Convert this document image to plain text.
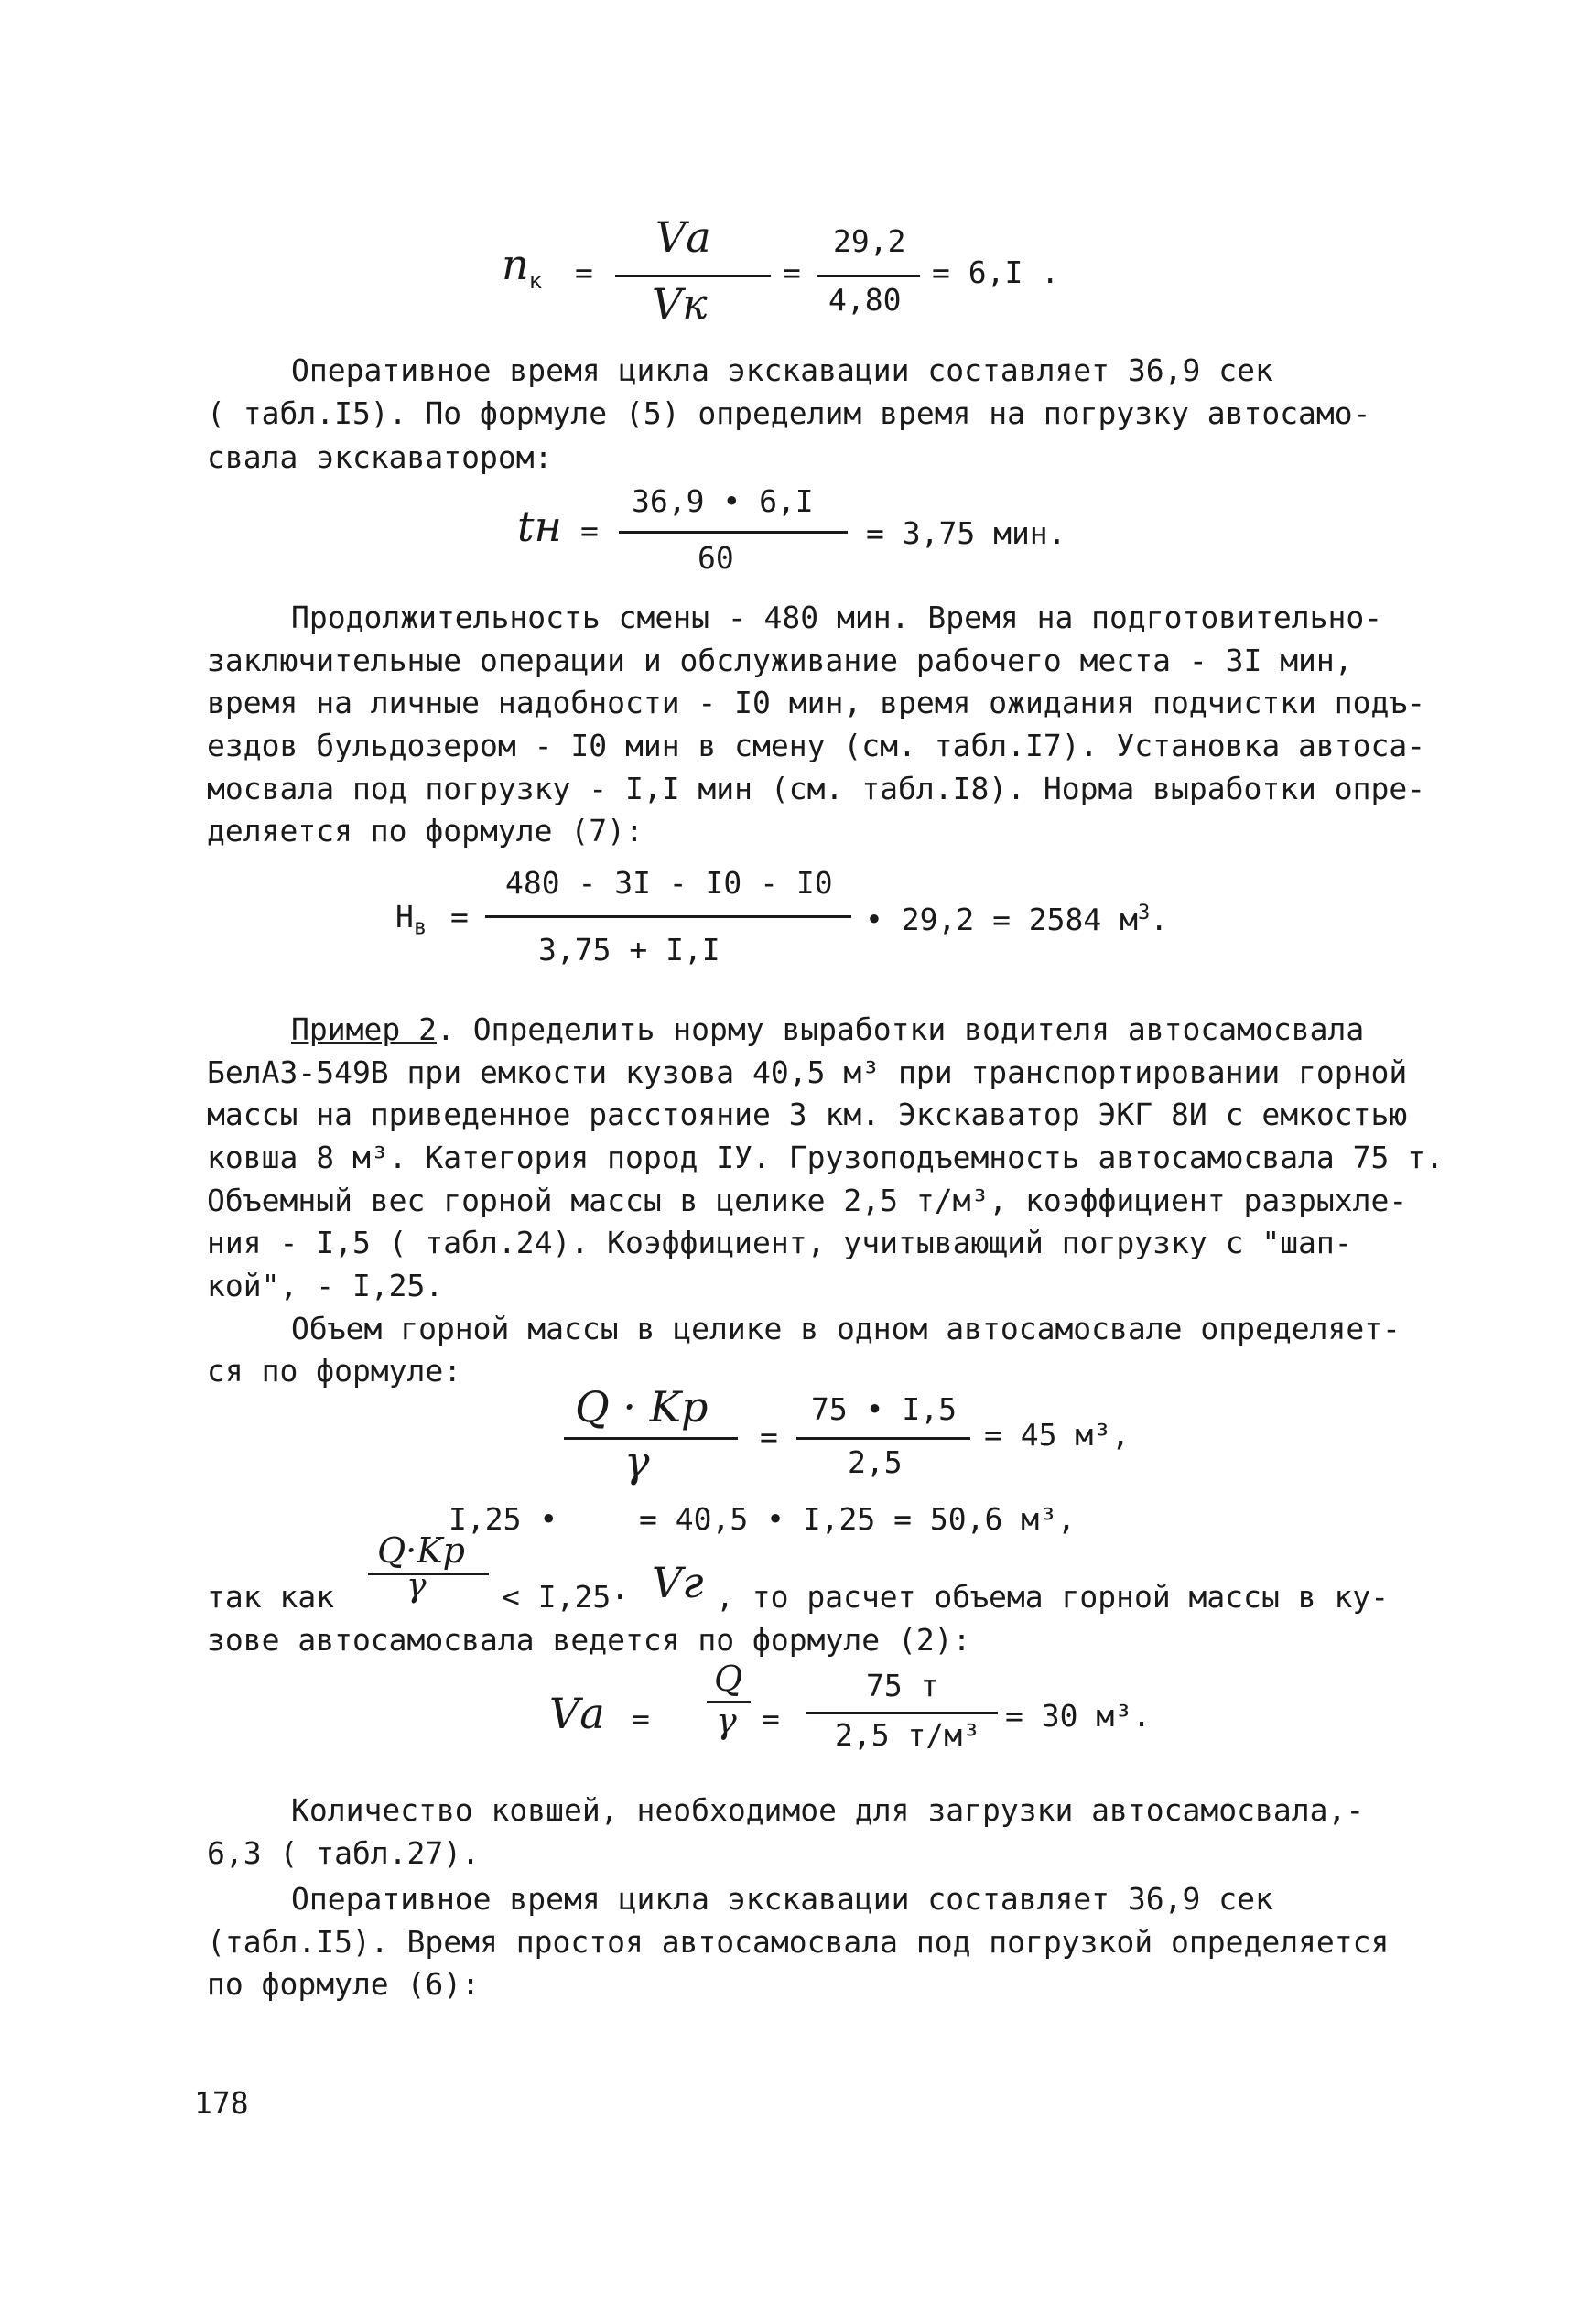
$n_к$ =
Vа
Vк
=
29,2
4,80
= 6,I .
Оперативное время цикла экскавации составляет 36,9 сек
( табл.I5). По формуле (5) определим время на погрузку автосамо-
свала экскаватором:
tн =
36,9 • 6,I
60
= 3,75 мин.
Продолжительность смены - 480 мин. Время на подготовительно-
заключительные операции и обслуживание рабочего места - 3I мин,
время на личные надобности - I0 мин, время ожидания подчистки подъ-
ездов бульдозером - I0 мин в смену (см. табл.I7). Установка автоса-
мосвала под погрузку - I,I мин (см. табл.I8). Норма выработки опре-
деляется по формуле (7):
$Н_в$ =
480 - 3I - I0 - I0
3,75 + I,I
• 29,2 = 2584 $м^3$.
Пример 2. Определить норму выработки водителя автосамосвала
БелАЗ-549В при емкости кузова 40,5 м³ при транспортировании горной
массы на приведенное расстояние 3 км. Экскаватор ЭКГ 8И с емкостью
ковша 8 м³. Категория пород IУ. Грузоподъемность автосамосвала 75 т.
Объемный вес горной массы в целике 2,5 т/м³, коэффициент разрыхле-
ния - I,5 ( табл.24). Коэффициент, учитывающий погрузку с "шап-
кой", - I,25.
Объем горной массы в целике в одном автосамосвале определяет-
ся по формуле:
Q · Kp
γ
=
75 • I,5
2,5
= 45 м³,
I,25 •	= 40,5 • I,25 = 50,6 м³,
так как
Q·Kp
γ < I,25· Vг , то расчет объема горной массы в ку-
зове автосамосвала ведется по формуле (2):
Vа =
Q
γ =
75 т
2,5 т/м³
= 30 м³.
Количество ковшей, необходимое для загрузки автосамосвала,-
6,3 ( табл.27).
Оперативное время цикла экскавации составляет 36,9 сек
(табл.I5). Время простоя автосамосвала под погрузкой определяется
по формуле (6):
178
